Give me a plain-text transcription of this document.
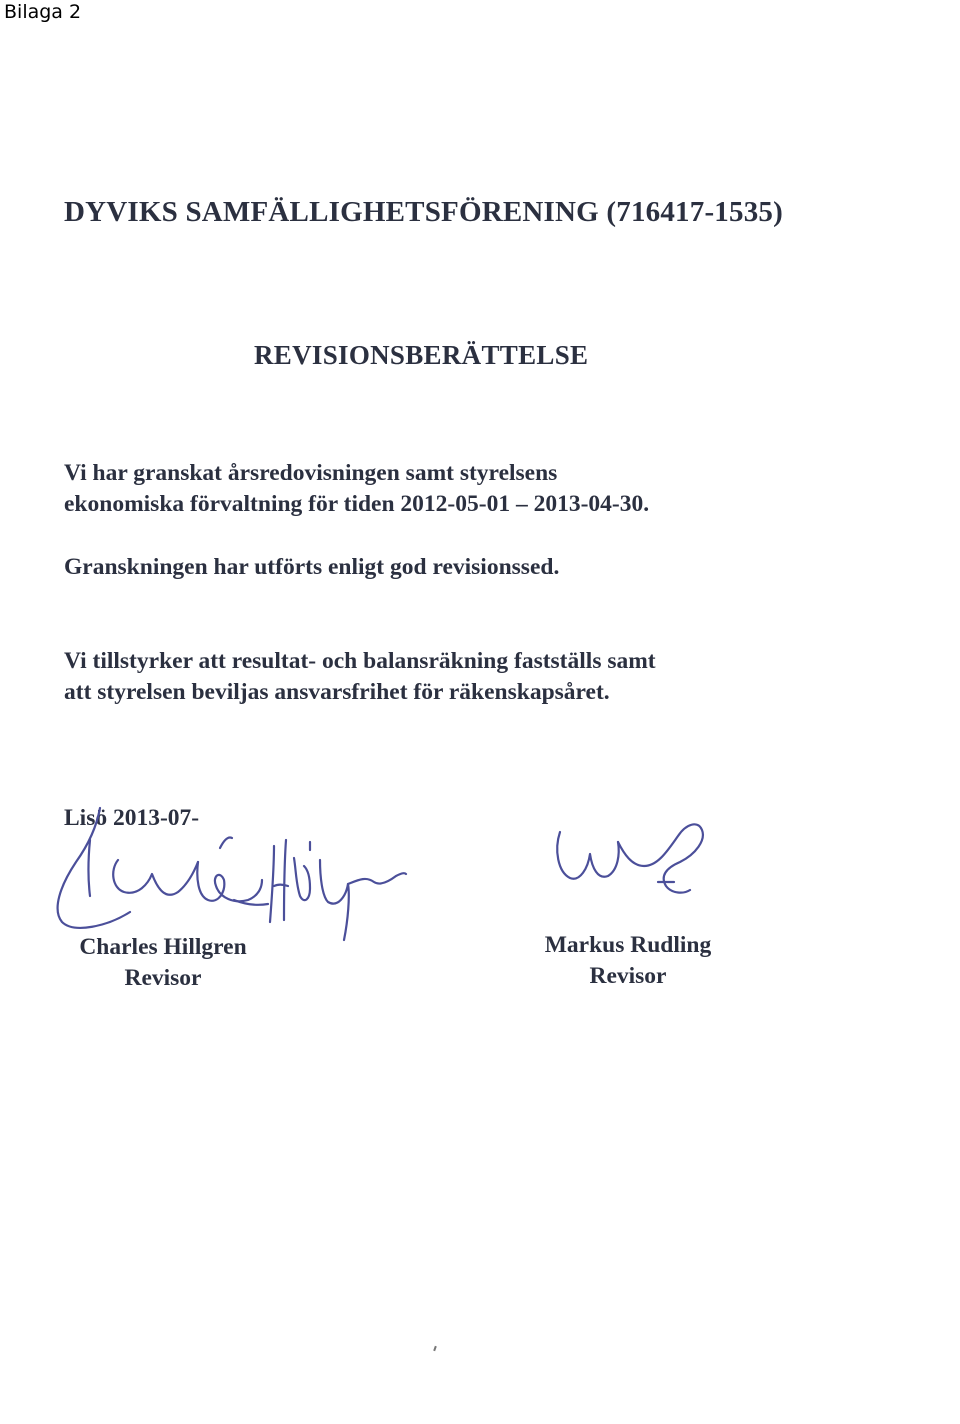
Bilaga 2
DYVIKS SAMFÄLLIGHETSFÖRENING (716417-1535)
REVISIONSBERÄTTELSE
Vi har granskat årsredovisningen samt styrelsens
ekonomiska förvaltning för tiden 2012-05-01 – 2013-04-30.
Granskningen har utförts enligt god revisionssed.
Vi tillstyrker att resultat- och balansräkning fastställs samt
att styrelsen beviljas ansvarsfrihet för räkenskapsåret.
Lisö 2013-07-
Charles Hillgren
Revisor
Markus Rudling
Revisor
